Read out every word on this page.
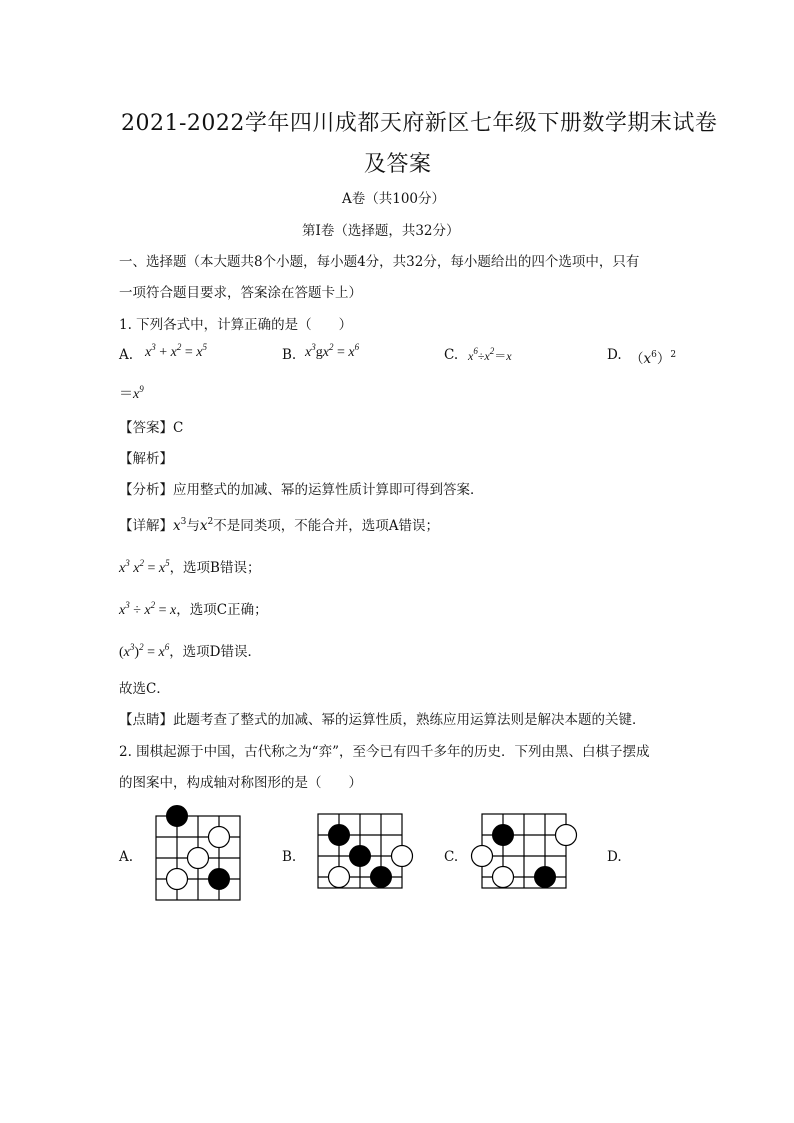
2021-2022学年四川成都天府新区七年级下册数学期末试卷
及答案
A卷（共100分）
第Ⅰ卷（选择题，共32分）
一、选择题（本大题共8个小题，每小题4分，共32分，每小题给出的四个选项中，只有
一项符合题目要求，答案涂在答题卡上）
1. 下列各式中，计算正确的是（　　）
A. $x^3 + x^2 = x^5$	B. $x^3gx^2 = x^6$	C. $x^6\div x^2=x$	D. $(x^6)^2$
$=x^9$
【答案】C
【解析】
【分析】应用整式的加减、幂的运算性质计算即可得到答案．
【详解】$x^3$与$x^2$不是同类项，不能合并，选项A错误；
$x^3$ $x^2 = x^5$，选项B错误；
$x^3 \div x^2 = x$，选项C正确；
$(x^3)^2 = x^6$，选项D错误．
故选C．
【点睛】此题考查了整式的加减、幂的运算性质，熟练应用运算法则是解决本题的关键．
2. 围棋起源于中国，古代称之为“弈”，至今已有四千多年的历史．下列由黑、白棋子摆成
的图案中，构成轴对称图形的是（　　）
A.	B.	C.	D.
